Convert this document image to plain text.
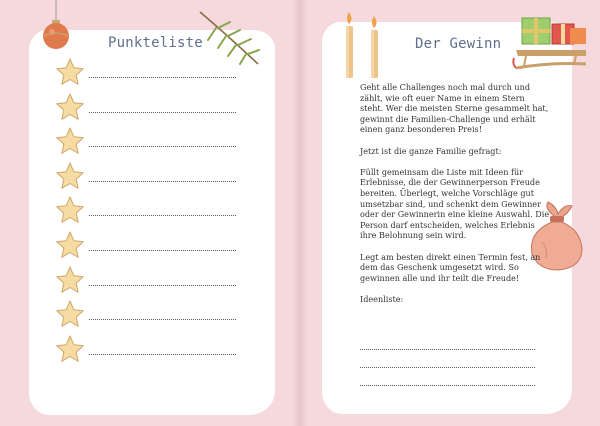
Punkteliste	Der Gewinn

Geht alle Challenges noch mal durch und zählt, wie oft euer Name in einem Stern steht. Wer die meisten Sterne gesammelt hat, gewinnt die Familien-Challenge und erhält einen ganz besonderen Preis!

Jetzt ist die ganze Familie gefragt:

Füllt gemeinsam die Liste mit Ideen für Erlebnisse, die der Gewinnerperson Freude bereiten. Überlegt, welche Vorschläge gut umsetzbar sind, und schenkt dem Gewinner oder der Gewinnerin eine kleine Auswahl. Die Person darf entscheiden, welches Erlebnis ihre Belohnung sein wird.

Legt am besten direkt einen Termin fest, an dem das Geschenk umgesetzt wird. So gewinnen alle und ihr teilt die Freude!

Ideenliste:
